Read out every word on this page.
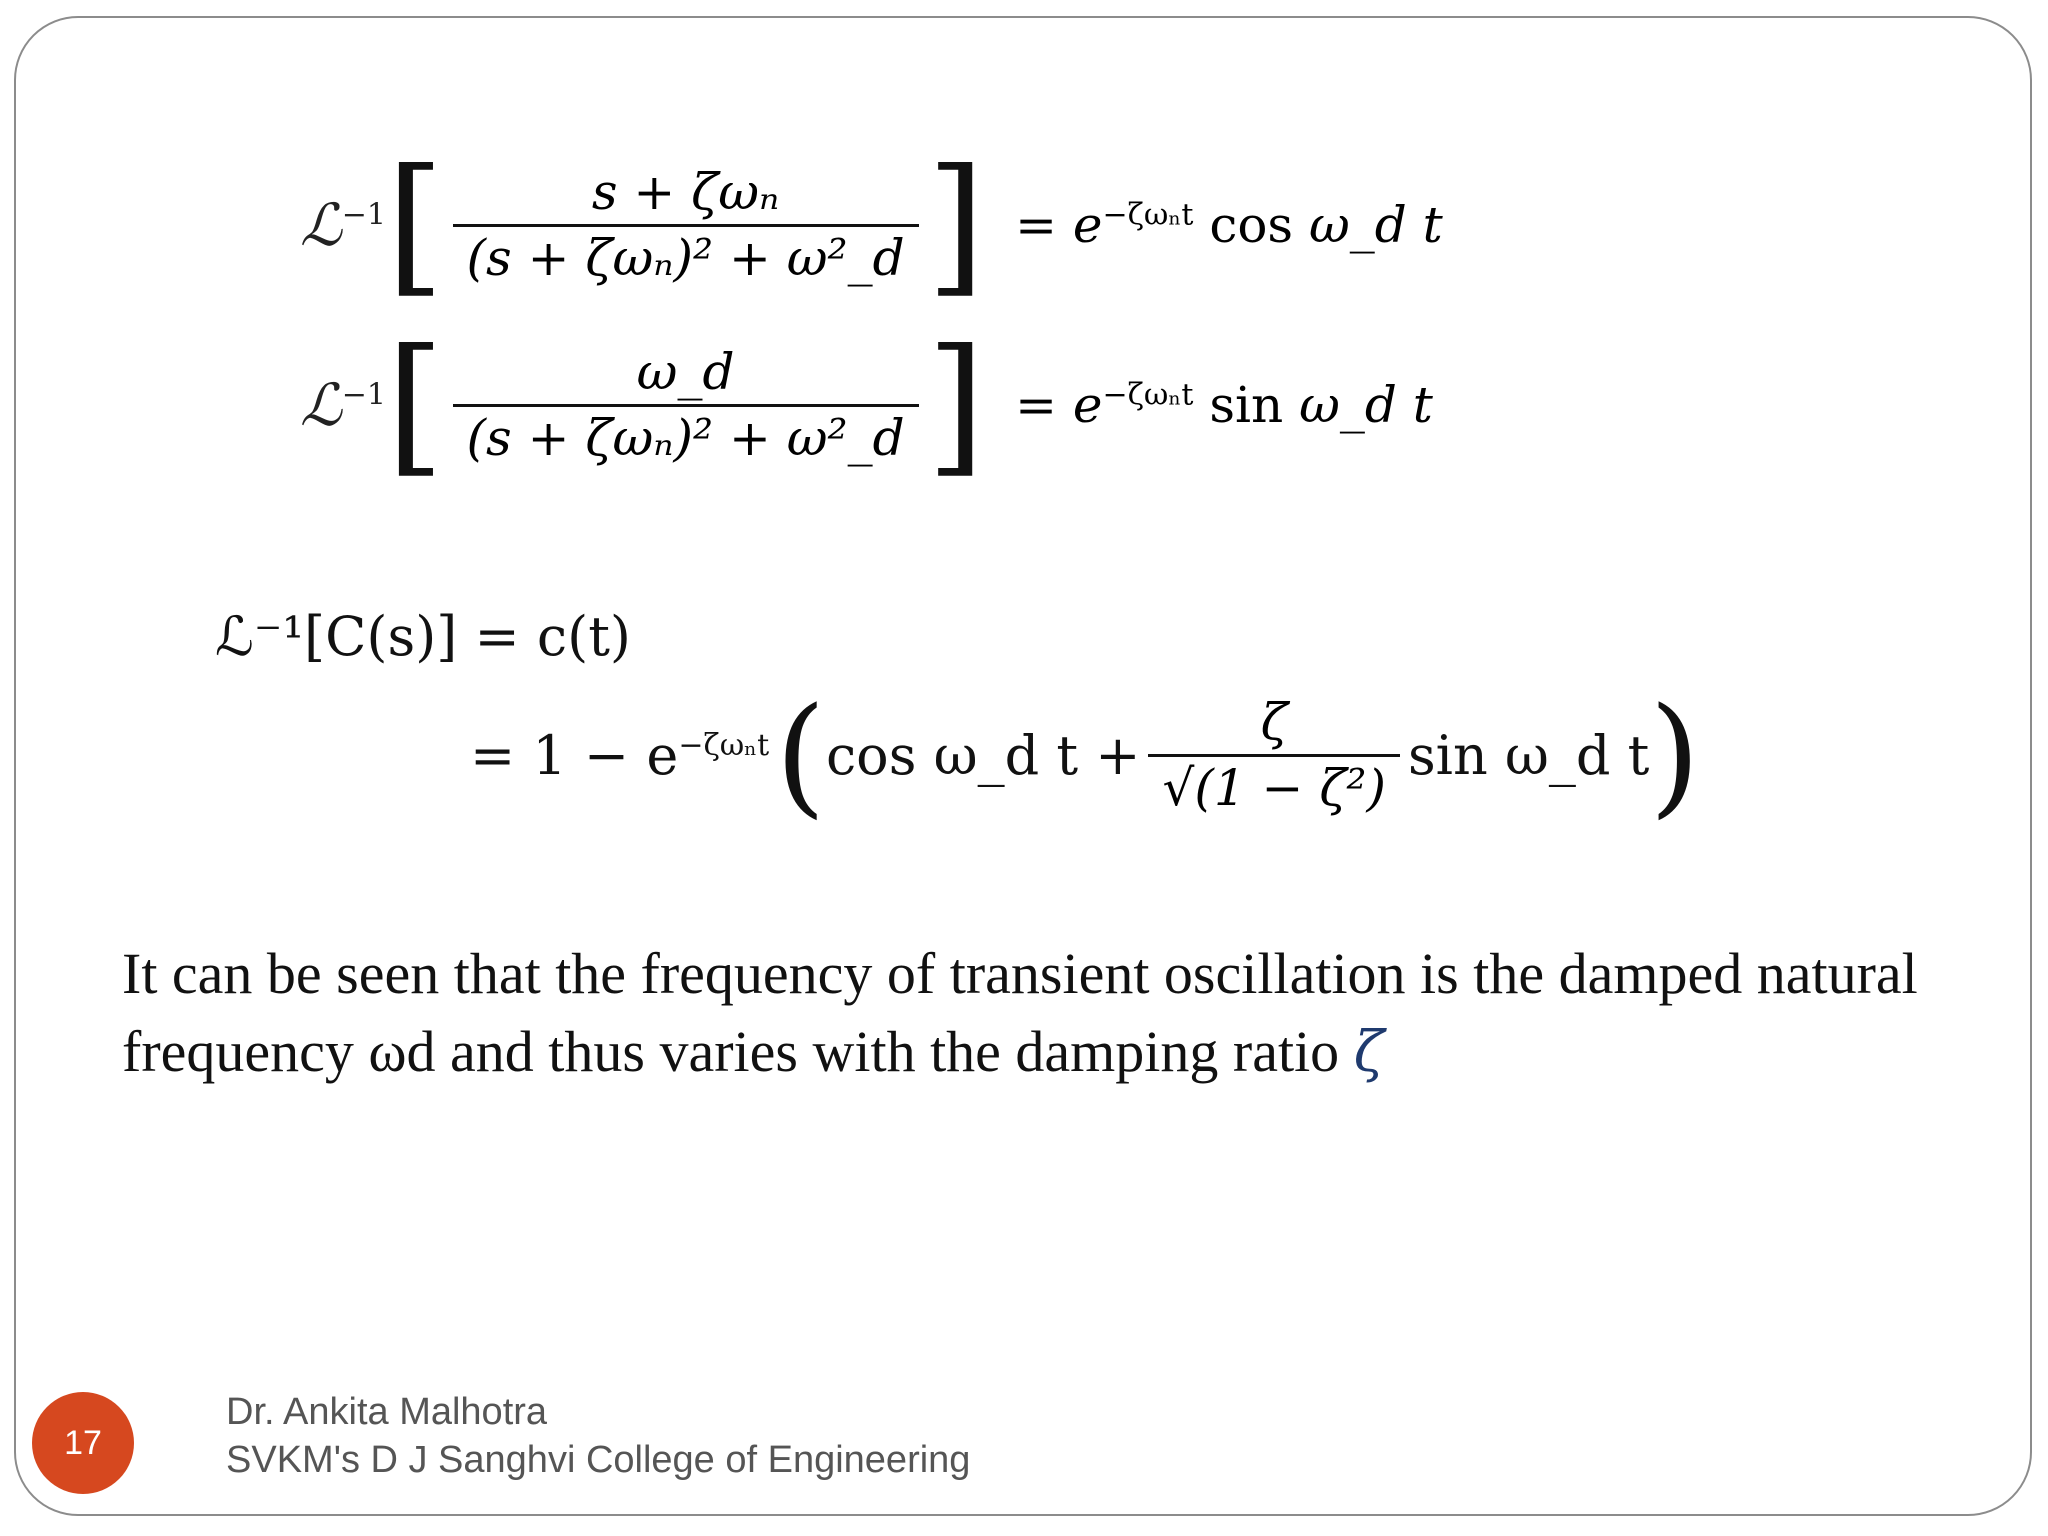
ℒ$^{-1}$ [ $\frac{\text{s + ζωₙ}}{\text{(s + ζωₙ)² + ω²\_d}}$ ] = $e^{-\zeta\omega_nt}$ cos ω_d t
ℒ$^{-1}$ [ $\frac{\omega\_d}{\text{(s + ζωₙ)² + ω²\_d}}$ ] = $e^{-\zeta\omega_nt}$ sin ω_d t
ℒ⁻¹[C(s)] = c(t)
= $1 - e^{-\zeta\omega_nt}$ ( cos ω_d $t + \frac{\zeta}{\text{√(1 − ζ²)}}$ sin ω_d t )
It can be seen that the frequency of transient oscillation is the damped natural frequency ωd and thus varies with the damping ratio ζ
17
Dr. Ankita Malhotra
SVKM's D J Sanghvi College of Engineering
